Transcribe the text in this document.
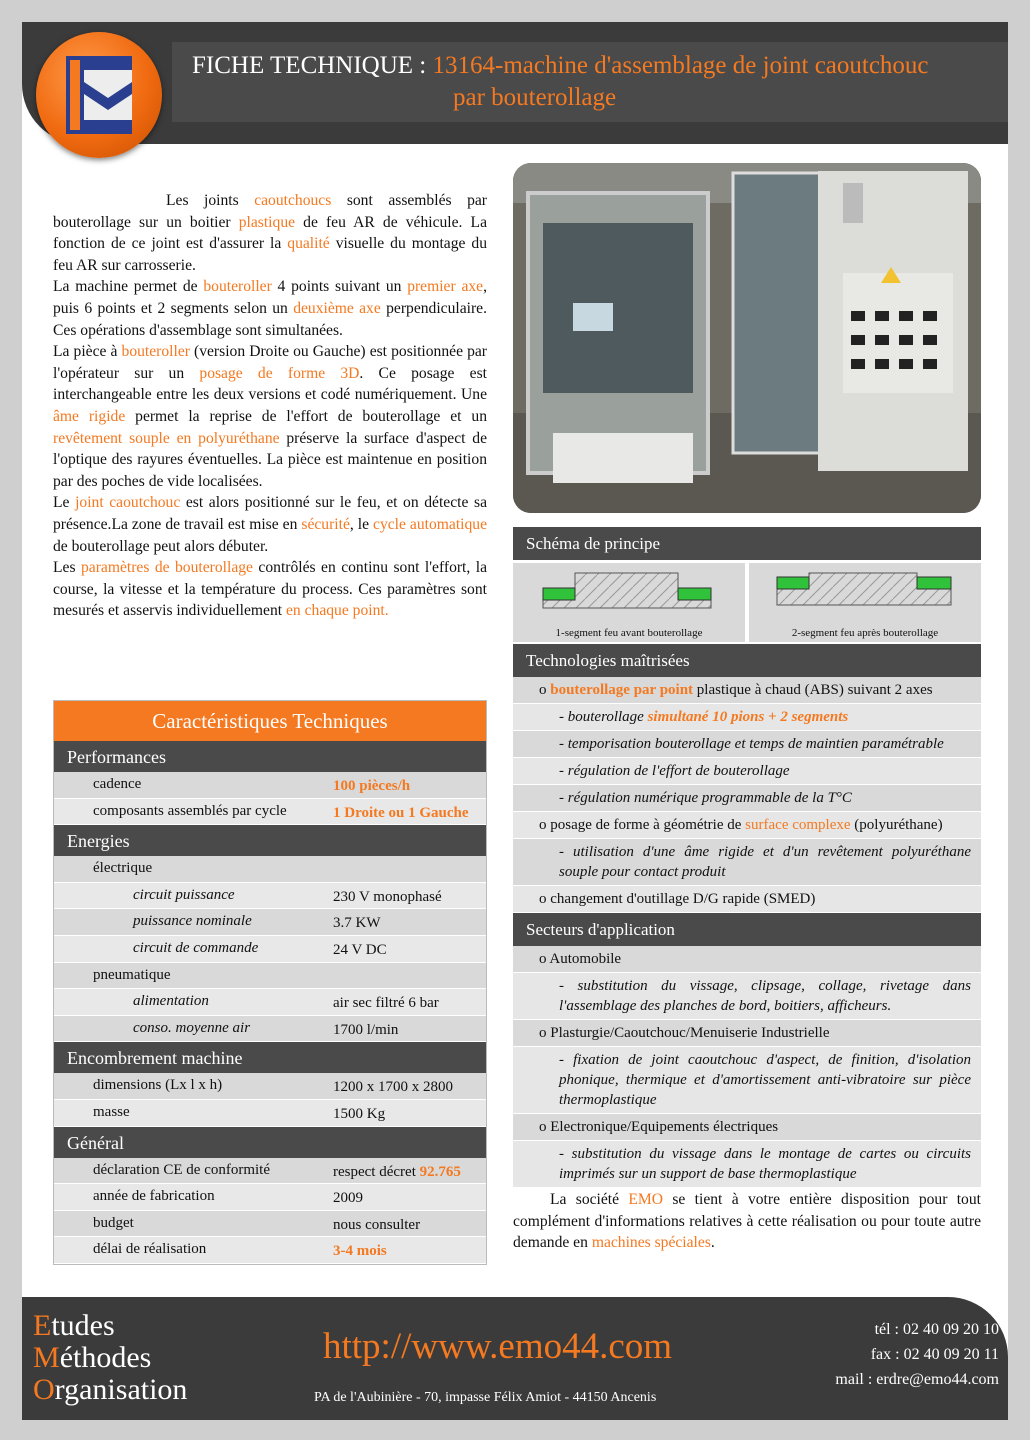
FICHE TECHNIQUE : 13164-machine d'assemblage de joint caoutchouc
par bouterollage

Les joints caoutchoucs sont assemblés par bouterollage sur un boitier plastique de feu AR de véhicule. La fonction de ce joint est d'assurer la qualité visuelle du montage du feu AR sur carrosserie.

La machine permet de bouteroller 4 points suivant un premier axe, puis 6 points et 2 segments selon un deuxième axe perpendiculaire. Ces opérations d'assemblage sont simultanées.

La pièce à bouteroller (version Droite ou Gauche) est positionnée par l'opérateur sur un posage de forme 3D. Ce posage est interchangeable entre les deux versions et codé numériquement. Une âme rigide permet la reprise de l'effort de bouterollage et un revêtement souple en polyuréthane préserve la surface d'aspect de l'optique des rayures éventuelles. La pièce est maintenue en position par des poches de vide localisées.

Le joint caoutchouc est alors positionné sur le feu, et on détecte sa présence.La zone de travail est mise en sécurité, le cycle automatique de bouterollage peut alors débuter.

Les paramètres de bouterollage contrôlés en continu sont l'effort, la course, la vitesse et la température du process. Ces paramètres sont mesurés et asservis individuellement en chaque point.

Caractéristiques Techniques
Performances
cadence	100 pièces/h
composants assemblés par cycle	1 Droite ou 1 Gauche
Energies
électrique
circuit puissance	230 V monophasé
puissance nominale	3.7 KW
circuit de commande	24 V DC
pneumatique
alimentation	air sec filtré 6 bar
conso. moyenne air	1700 l/min
Encombrement machine
dimensions (Lx l x h)	1200 x 1700 x 2800
masse	1500 Kg
Général
déclaration CE de conformité	respect décret 92.765
année de fabrication	2009
budget	nous consulter
délai de réalisation	3-4 mois
Schéma de principe
1-segment feu avant bouterollage	2-segment feu après bouterollage
Technologies maîtrisées
o bouterollage par point plastique à chaud (ABS) suivant 2 axes
- bouterollage simultané 10 pions + 2 segments
- temporisation bouterollage et temps de maintien paramétrable
- régulation de l'effort de bouterollage
- régulation numérique programmable de la T°C
o posage de forme à géométrie de surface complexe (polyuréthane)
- utilisation d'une âme rigide et d'un revêtement polyuréthane souple pour contact produit
o changement d'outillage D/G rapide (SMED)
Secteurs d'application
o Automobile
- substitution du vissage, clipsage, collage, rivetage dans l'assemblage des planches de bord, boitiers, afficheurs.
o Plasturgie/Caoutchouc/Menuiserie Industrielle
- fixation de joint caoutchouc d'aspect, de finition, d'isolation phonique, thermique et d'amortissement anti-vibratoire sur pièce thermoplastique
o Electronique/Equipements électriques
- substitution du vissage dans le montage de cartes ou circuits imprimés sur un support de base thermoplastique
La société EMO se tient à votre entière disposition pour tout complément d'informations relatives à cette réalisation ou pour toute autre demande en machines spéciales.
Etudes
Méthodes
Organisation
http://www.emo44.com
PA de l'Aubinière - 70, impasse Félix Amiot - 44150 Ancenis
tél : 02 40 09 20 10
fax : 02 40 09 20 11
mail : erdre@emo44.com
